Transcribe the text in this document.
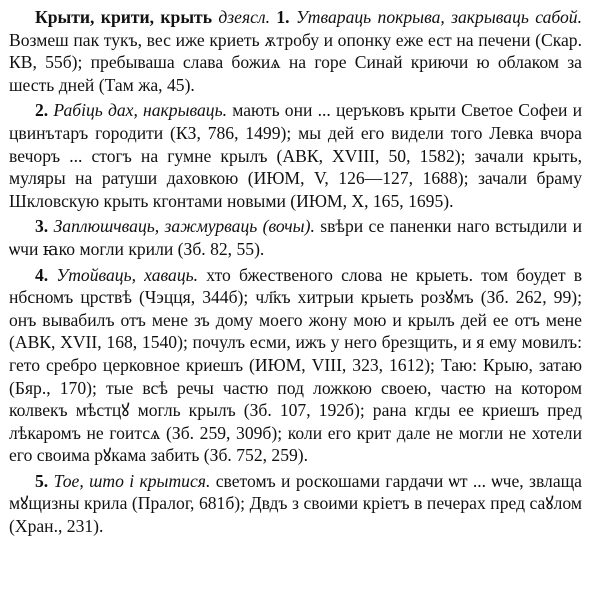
Крыти, крити, крыть дзеясл. 1. Утвараць покрыва, закрываць сабой. Возмеш пак тукъ, вес иже криеть ѫтробу и опонку еже ест на печени (Скар. КВ, 55б); пребываша слава божиѧ на горе Синай криючи ю облаком за шесть дней (Там жа, 45).

2. Рабіць дах, накрываць. мають они ... церъковъ крыти Светое Софеи и цвинътаръ городити (КЗ, 786, 1499); мы дей его видели того Левка вчора вечоръ ... стогъ на гумне крылъ (АВК, XVIII, 50, 1582); зачали крыть, муляры на ратуши даховкою (ИЮМ, V, 126—127, 1688); зачали браму Шкловскую крыть кгонтами новыми (ИЮМ, X, 165, 1695).

3. Заплюшчваць, зажмурваць (вочы). ѕвѣри се паненки наго встыдили и ѡчи ꙗко могли крили (Зб. 82, 55).

4. Утойваць, хаваць. хто бжественого слова не крыеть. том боудет в нбсномъ црствѣ (Чэцця, 344б); чл҃къ хитрыи крыеть розꙋмъ (Зб. 262, 99); онъ вывабилъ отъ мене зъ дому моего жону мою и крылъ дей ее отъ мене (АВК, XVII, 168, 1540); почулъ есми, ижъ у него брезщить, и я ему мовилъ: гето сребро церковное криешъ (ИЮМ, VIII, 323, 1612); Таю: Крыю, затаю (Бяр., 170); тые всѣ речы частю под ложкою своею, частю на котором колвекъ мѣстцꙋ могль крылъ (Зб. 107, 192б); рана кгды ее криешъ пред лѣкаромъ не гоитсѧ (Зб. 259, 309б); коли его крит дале не могли не хотели его своима рꙋкама забить (Зб. 752, 259).

5. Тое, што і крытися. светомъ и роскошами гардачи ѡт ... ѡче, звлаща мꙋщизны крила (Пралог, 681б); Двдъ з своими кріетъ в печерах пред саꙋлом (Хран., 231).
